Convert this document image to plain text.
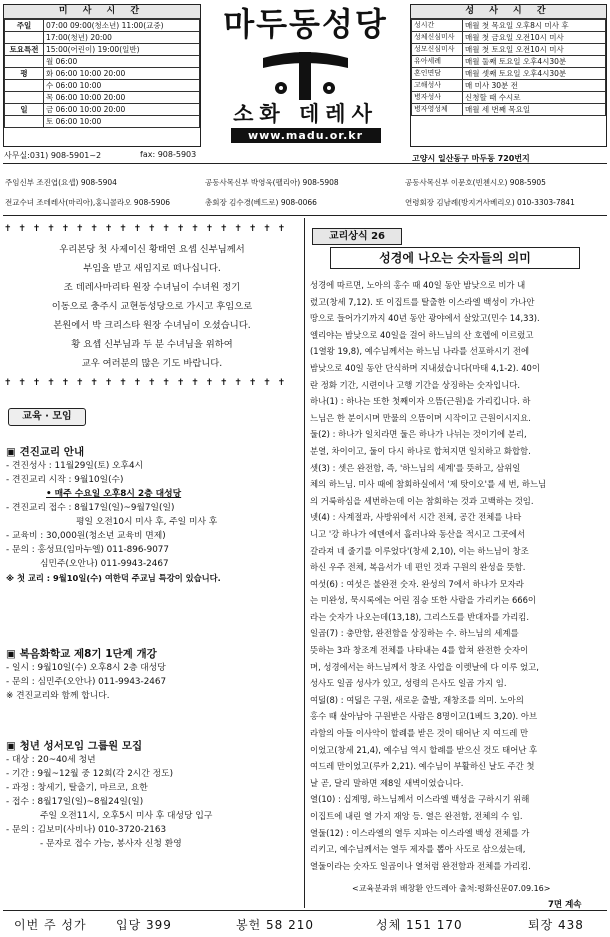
미 사 시 간
주일	07:00 09:00(청소년) 11:00(교중)
	17:00(청년) 20:00
토요특전	15:00(어린이) 19:00(일반)
	월 06:00
평	화 06:00 10:00 20:00
	수 06:00 10:00
	목 06:00 10:00 20:00
일	금 06:00 10:00 20:00
	토 06:00 10:00
마두동성당
소화 데레사
www.madu.or.kr
성 사 시 간
성시간	매월 첫 목요일 오후8시 미사 후
성체신심미사	매월 첫 금요일 오전10시 미사
성모신심미사	매월 첫 토요일 오전10시 미사
유아세례	매월 둘째 토요일 오후4시30분
혼인면담	매월 셋째 토요일 오후4시30분
고해성사	매 미사 30분 전
병자성사	신청할 때 수시로
병자영성체	매월 세 번째 목요일
사무실:031) 908-5901~2	fax: 908-5903	고양시 일산동구 마두동 720번지
주임신부 조진엽(요셉) 908-5904	공동사목신부 박영욱(펠리아) 908-5908	공동사목신부 이문호(빈첸시오) 908-5905
전교수녀 조데레사(마리아),홍니콜라오 908-5906	총회장 김수경(베드로) 908-0066	연령회장 김남례(방지거사베리오) 010-3303-7841
✝ ✝ ✝ ✝ ✝ ✝ ✝ ✝ ✝ ✝ ✝ ✝ ✝ ✝ ✝ ✝ ✝ ✝ ✝ ✝
우리본당 첫 사제이신 황태연 요셉 신부님께서
부임을 받고 새임지로 떠나십니다.
조 데레사마리타 원장 수녀님이 수녀원 정기
이동으로 충주시 교현동성당으로 가시고 후임으로
본원에서 박 크리스타 원장 수녀님이 오셨습니다.
황 요셉 신부님과 두 분 수녀님을 위하여
교우 여러분의 많은 기도 바랍니다.
✝ ✝ ✝ ✝ ✝ ✝ ✝ ✝ ✝ ✝ ✝ ✝ ✝ ✝ ✝ ✝ ✝ ✝ ✝ ✝
교육 · 모임
▣ 견진교리 안내
- 견진성사 : 11월29일(토) 오후4시
- 견진교리 시작 : 9월10일(수)
• 매주 수요일 오후8시 2층 대성당
- 견진교리 접수 : 8월17일(일)~9월7일(일)
평일 오전10시 미사 후, 주일 미사 후
- 교육비 : 30,000원(청소년 교육비 면제)
- 문의 : 홍성묘(임마누엘) 011-896-9077
심민주(오안나) 011-9943-2467
※ 첫 교리 : 9월10일(수) 여한덕 주교님 특강이 있습니다.
▣ 복음화학교 제8기 1단계 개강
- 일시 : 9월10일(수) 오후8시 2층 대성당
- 문의 : 심민주(오안나) 011-9943-2467
※ 견진교리와 함께 합니다.
▣ 청년 성서모임 그룹원 모집
- 대상 : 20~40세 청년
- 기간 : 9월~12월 중 12회(각 2시간 정도)
- 과정 : 창세기, 탈출기, 마르코, 요한
- 접수 : 8월17일(일)~8월24일(일)
주일 오전11시, 오후5시 미사 후 대성당 입구
- 문의 : 김보미(사비나) 010-3720-2163
- 문자로 접수 가능, 봉사자 신청 환영
교리상식 26
성경에 나오는 숫자들의 의미
성경에 따르면, 노아의 홍수 때 40일 동안 밤낮으로 비가 내
렸고(창세 7,12). 또 이집트를 탈출한 이스라엘 백성이 가나안
땅으로 들어가기까지 40년 동안 광야에서 살았고(민수 14,33).
엘리야는 밤낮으로 40일을 걸어 하느님의 산 호렙에 이르렀고
(1열왕 19,8), 예수님께서는 하느님 나라를 선포하시기 전에
밤낮으로 40일 동안 단식하며 지내셨습니다(마태 4,1-2). 40이
란 정화 기간, 시련이나 고행 기간을 상징하는 숫자입니다.
하나(1) : 하나는 또한 첫째이자 으뜸(근원)을 가리킵니다. 하
느님은 한 분이시며 만물의 으뜸이며 시작이고 근원이시지요.
둘(2) : 하나가 일치라면 둘은 하나가 나뉘는 것이기에 분리,
분열, 차이이고, 둘이 다시 하나로 합쳐지면 일치하고 화합함.
셋(3) : 셋은 완전함, 즉, '하느님의 세계'를 뜻하고, 삼위일
체의 하느님. 미사 때에 참회하실에서 '제 탓이오'를 세 번, 하느님
의 거룩하심을 세번하는데 이는 참회하는 것과 고백하는 것임.
넷(4) : 사계절과, 사방위에서 시간 전체, 공간 전체를 나타
니고 '강 하나가 에덴에서 흘러나와 동산을 적시고 그곳에서
갈라져 네 줄기를 이루었다'(창세 2,10), 이는 하느님이 창조
하신 우주 전체, 복음서가 네 편인 것과 구원의 완성을 뜻함.
여섯(6) : 여섯은 불완전 숫자. 완성의 7에서 하나가 모자라
는 미완성, 묵시록에는 어린 짐승 또한 사람을 가리키는 666이
라는 숫자가 나오는데(13,18), 그리스도를 반대자를 가리킴.
일곱(7) : 충만함, 완전함을 상징하는 수. 하느님의 세계를
뜻하는 3과 창조계 전체를 나타내는 4를 합쳐 완전한 숫자이
며, 성경에서는 하느님께서 창조 사업을 이렛날에 다 이루 었고,
성사도 일곱 성사가 있고, 성령의 은사도 일곱 가지 임.
여덟(8) : 여덟은 구원, 새로운 출발, 재창조를 의미. 노아의
홍수 때 살아남아 구원받은 사람은 8명이고(1베드 3,20). 아브
라함의 아들 이사악이 할례를 받은 것이 태어난 지 여드레 만
이었고(창세 21,4), 예수님 역시 할례를 받으신 것도 태어난 후
여드레 만이었고(루카 2,21). 예수님이 부활하신 날도 주간 첫
날 곧, 달리 말하면 제8일 새벽이었습니다.
열(10) : 십계명, 하느님께서 이스라엘 백성을 구하시기 위해
이집트에 내린 열 가지 재앙 등. 열은 완전함, 전체의 수 임.
열둘(12) : 이스라엘의 열두 지파는 이스라엘 백성 전체를 가
리키고, 예수님께서는 열두 제자를 뽑아 사도로 삼으셨는데,
열둘이라는 숫자도 일곱이나 열처럼 완전함과 전체를 가리킴.
<교육분과위 배창환 안드레아 출처:평화신문07.09.16>
7면 계속
이번 주 성가 입당 399	봉헌 58 210	성체 151 170	퇴장 438
